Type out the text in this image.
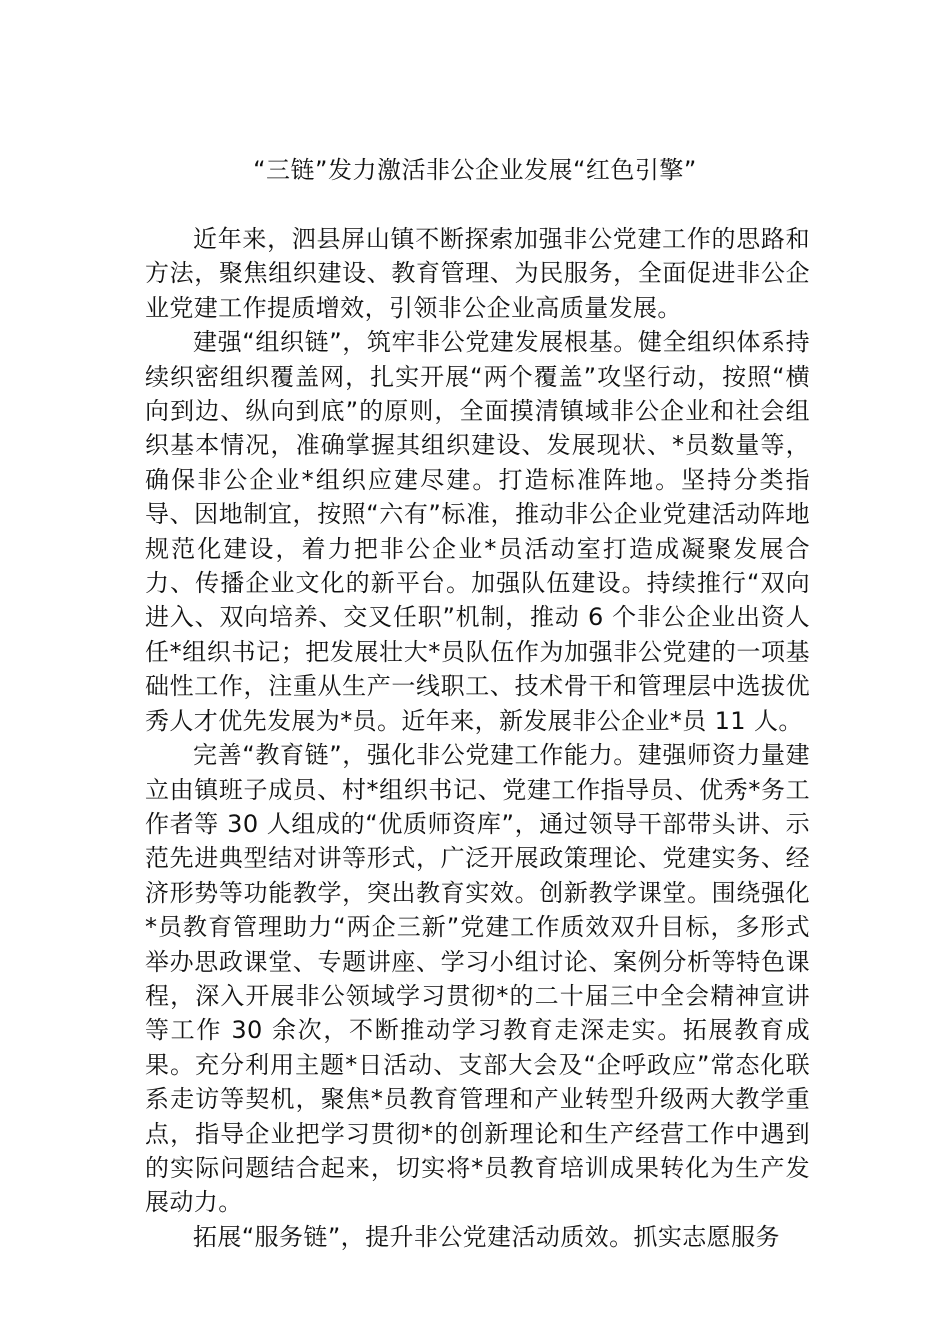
“三链”发力激活非公企业发展“红色引擎”

近年来，泗县屏山镇不断探索加强非公党建工作的思路和方法，聚焦组织建设、教育管理、为民服务，全面促进非公企业党建工作提质增效，引领非公企业高质量发展。

建强“组织链”，筑牢非公党建发展根基。健全组织体系持续织密组织覆盖网，扎实开展“两个覆盖”攻坚行动，按照“横向到边、纵向到底”的原则，全面摸清镇域非公企业和社会组织基本情况，准确掌握其组织建设、发展现状、*员数量等，确保非公企业*组织应建尽建。打造标准阵地。坚持分类指导、因地制宜，按照“六有”标准，推动非公企业党建活动阵地规范化建设，着力把非公企业*员活动室打造成凝聚发展合力、传播企业文化的新平台。加强队伍建设。持续推行“双向进入、双向培养、交叉任职”机制，推动 6 个非公企业出资人任*组织书记；把发展壮大*员队伍作为加强非公党建的一项基础性工作，注重从生产一线职工、技术骨干和管理层中选拔优秀人才优先发展为*员。近年来，新发展非公企业*员 11 人。

完善“教育链”，强化非公党建工作能力。建强师资力量建立由镇班子成员、村*组织书记、党建工作指导员、优秀*务工作者等 30 人组成的“优质师资库”，通过领导干部带头讲、示范先进典型结对讲等形式，广泛开展政策理论、党建实务、经济形势等功能教学，突出教育实效。创新教学课堂。围绕强化*员教育管理助力“两企三新”党建工作质效双升目标，多形式举办思政课堂、专题讲座、学习小组讨论、案例分析等特色课程，深入开展非公领域学习贯彻*的二十届三中全会精神宣讲等工作 30 余次，不断推动学习教育走深走实。拓展教育成果。充分利用主题*日活动、支部大会及“企呼政应”常态化联系走访等契机，聚焦*员教育管理和产业转型升级两大教学重点，指导企业把学习贯彻*的创新理论和生产经营工作中遇到的实际问题结合起来，切实将*员教育培训成果转化为生产发展动力。

拓展“服务链”，提升非公党建活动质效。抓实志愿服务
